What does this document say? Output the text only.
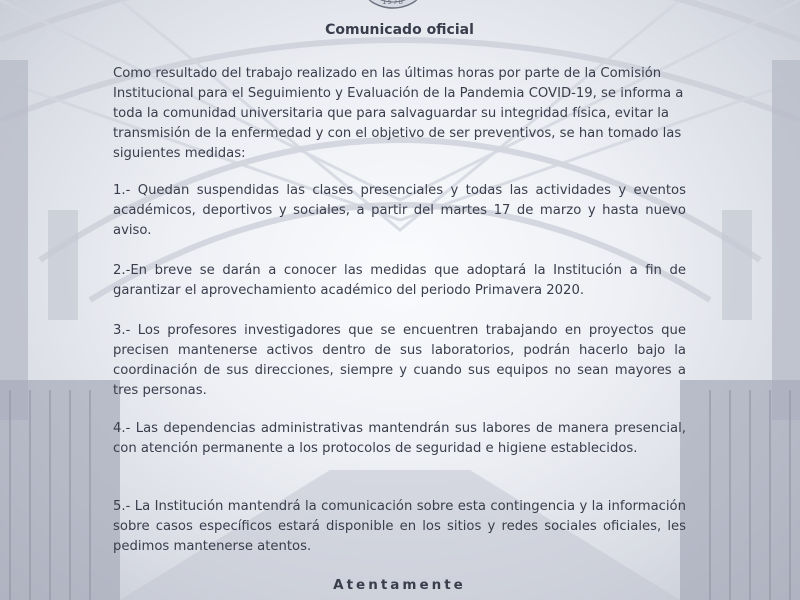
1578
Comunicado oficial

Como resultado del trabajo realizado en las últimas horas por parte de la Comisión Institucional para el Seguimiento y Evaluación de la Pandemia COVID-19, se informa a toda la comunidad universitaria que para salvaguardar su integridad física, evitar la transmisión de la enfermedad y con el objetivo de ser preventivos, se han tomado las siguientes medidas:

1.- Quedan suspendidas las clases presenciales y todas las actividades y eventos académicos, deportivos y sociales, a partir del martes 17 de marzo y hasta nuevo aviso.

2.-En breve se darán a conocer las medidas que adoptará la Institución a fin de garantizar el aprovechamiento académico del periodo Primavera 2020.

3.- Los profesores investigadores que se encuentren trabajando en proyectos que precisen mantenerse activos dentro de sus laboratorios, podrán hacerlo bajo la coordinación de sus direcciones, siempre y cuando sus equipos no sean mayores a tres personas.

4.- Las dependencias administrativas mantendrán sus labores de manera presencial, con atención permanente a los protocolos de seguridad e higiene establecidos.

5.- La Institución mantendrá la comunicación sobre esta contingencia y la información sobre casos específicos estará disponible en los sitios y redes sociales oficiales, les pedimos mantenerse atentos.

Atentamente
